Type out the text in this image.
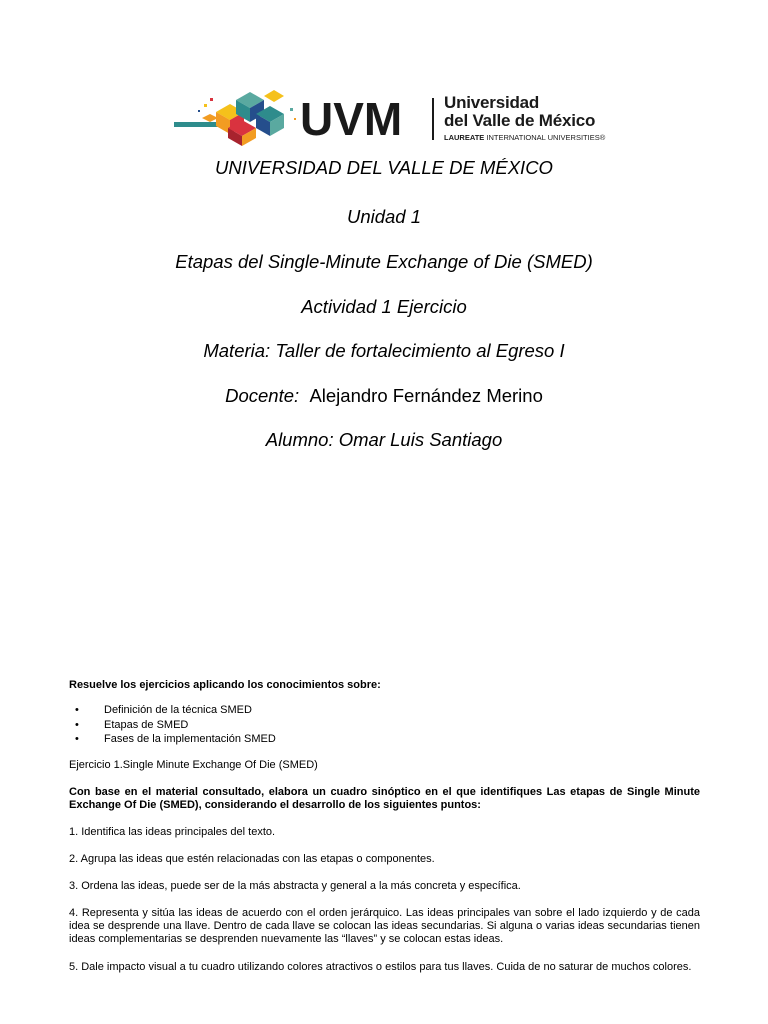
UVM Universidad
del Valle de México
LAUREATE INTERNATIONAL UNIVERSITIES®
UNIVERSIDAD DEL VALLE DE MÉXICO
Unidad 1
Etapas del Single-Minute Exchange of Die (SMED)
Actividad 1 Ejercicio
Materia: Taller de fortalecimiento al Egreso I
Docente: Alejandro Fernández Merino
Alumno: Omar Luis Santiago
Resuelve los ejercicios aplicando los conocimientos sobre:
• Definición de la técnica SMED
• Etapas de SMED
• Fases de la implementación SMED
Ejercicio 1.Single Minute Exchange Of Die (SMED)
Con base en el material consultado, elabora un cuadro sinóptico en el que identifiques Las etapas de Single Minute Exchange Of Die (SMED), considerando el desarrollo de los siguientes puntos:
1. Identifica las ideas principales del texto.
2. Agrupa las ideas que estén relacionadas con las etapas o componentes.
3. Ordena las ideas, puede ser de la más abstracta y general a la más concreta y específica.
4. Representa y sitúa las ideas de acuerdo con el orden jerárquico. Las ideas principales van sobre el lado izquierdo y de cada idea se desprende una llave. Dentro de cada llave se colocan las ideas secundarias. Si alguna o varias ideas secundarias tienen ideas complementarias se desprenden nuevamente las “llaves” y se colocan estas ideas.
5. Dale impacto visual a tu cuadro utilizando colores atractivos o estilos para tus llaves. Cuida de no saturar de muchos colores.
